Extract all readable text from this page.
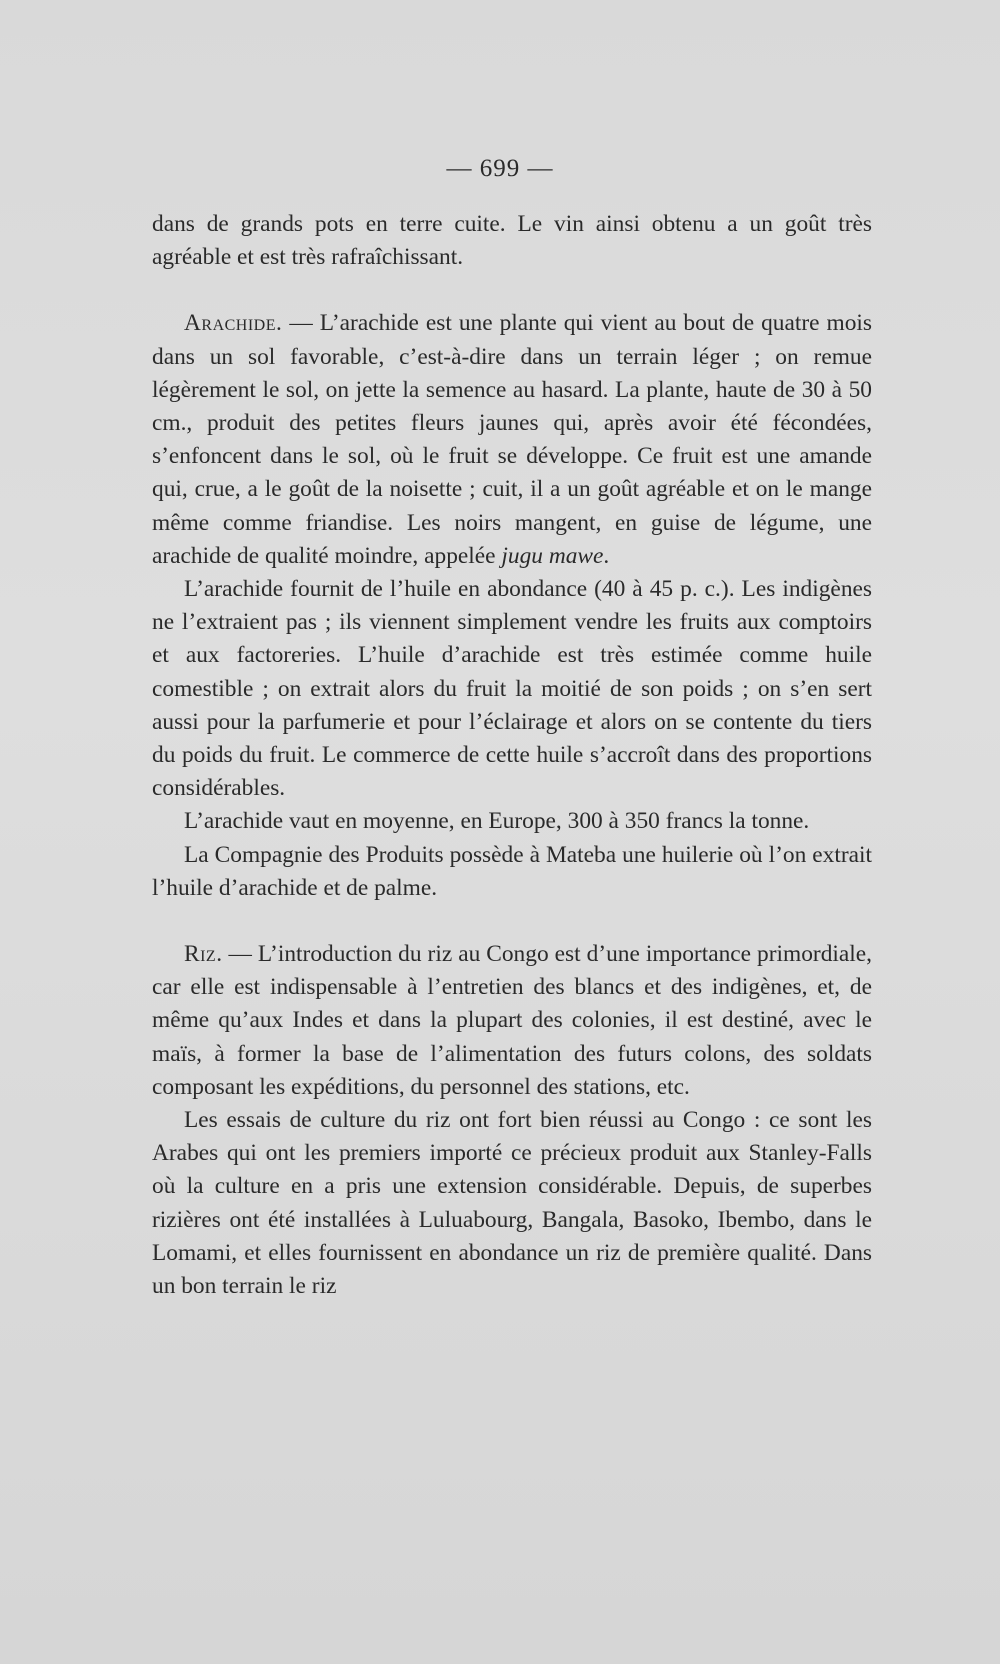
— 699 —

dans de grands pots en terre cuite. Le vin ainsi obtenu a un goût très agréable et est très rafraîchissant.

Arachide. — L’arachide est une plante qui vient au bout de quatre mois dans un sol favorable, c’est-à-dire dans un terrain léger ; on remue légèrement le sol, on jette la semence au hasard. La plante, haute de 30 à 50 cm., produit des petites fleurs jaunes qui, après avoir été fécondées, s’enfoncent dans le sol, où le fruit se développe. Ce fruit est une amande qui, crue, a le goût de la noisette ; cuit, il a un goût agréable et on le mange même comme friandise. Les noirs mangent, en guise de légume, une arachide de qualité moindre, appelée jugu mawe.

L’arachide fournit de l’huile en abondance (40 à 45 p. c.). Les indigènes ne l’extraient pas ; ils viennent simplement vendre les fruits aux comptoirs et aux factoreries. L’huile d’arachide est très estimée comme huile comestible ; on extrait alors du fruit la moitié de son poids ; on s’en sert aussi pour la parfumerie et pour l’éclairage et alors on se contente du tiers du poids du fruit. Le commerce de cette huile s’accroît dans des proportions considérables.

L’arachide vaut en moyenne, en Europe, 300 à 350 francs la tonne.

La Compagnie des Produits possède à Mateba une huilerie où l’on extrait l’huile d’arachide et de palme.

Riz. — L’introduction du riz au Congo est d’une importance primordiale, car elle est indispensable à l’entretien des blancs et des indigènes, et, de même qu’aux Indes et dans la plupart des colonies, il est destiné, avec le maïs, à former la base de l’alimentation des futurs colons, des soldats composant les expéditions, du personnel des stations, etc.

Les essais de culture du riz ont fort bien réussi au Congo : ce sont les Arabes qui ont les premiers importé ce précieux produit aux Stanley-Falls où la culture en a pris une extension considérable. Depuis, de superbes rizières ont été installées à Luluabourg, Bangala, Basoko, Ibembo, dans le Lomami, et elles fournissent en abondance un riz de première qualité. Dans un bon terrain le riz
